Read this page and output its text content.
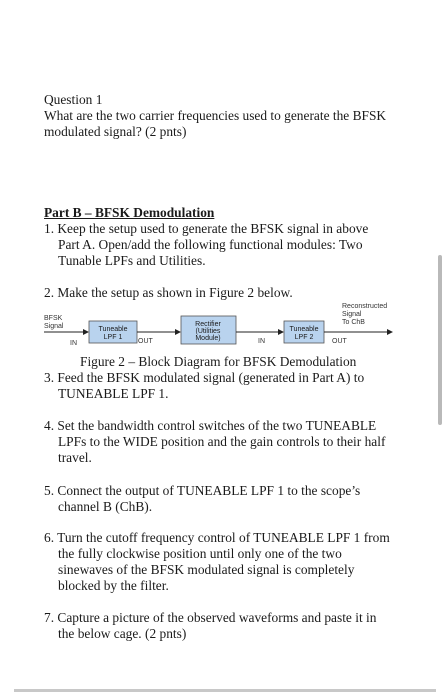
Question 1
What are the two carrier frequencies used to generate the BFSK
modulated signal? (2 pnts)
Part B – BFSK Demodulation
1. Keep the setup used to generate the BFSK signal in above
Part A. Open/add the following functional modules: Two
Tunable LPFs and Utilities.
2. Make the setup as shown in Figure 2 below.
BFSK
Signal
IN
Tuneable
LPF 1
OUT
Rectifier
(Utilities
Module)	IN
Tuneable
LPF 2
OUT
Reconstructed
Signal
To ChB
Figure 2 – Block Diagram for BFSK Demodulation
3. Feed the BFSK modulated signal (generated in Part A) to
TUNEABLE LPF 1.
4. Set the bandwidth control switches of the two TUNEABLE
LPFs to the WIDE position and the gain controls to their half
travel.
5. Connect the output of TUNEABLE LPF 1 to the scope’s
channel B (ChB).
6. Turn the cutoff frequency control of TUNEABLE LPF 1 from
the fully clockwise position until only one of the two
sinewaves of the BFSK modulated signal is completely
blocked by the filter.
7. Capture a picture of the observed waveforms and paste it in
the below cage. (2 pnts)
